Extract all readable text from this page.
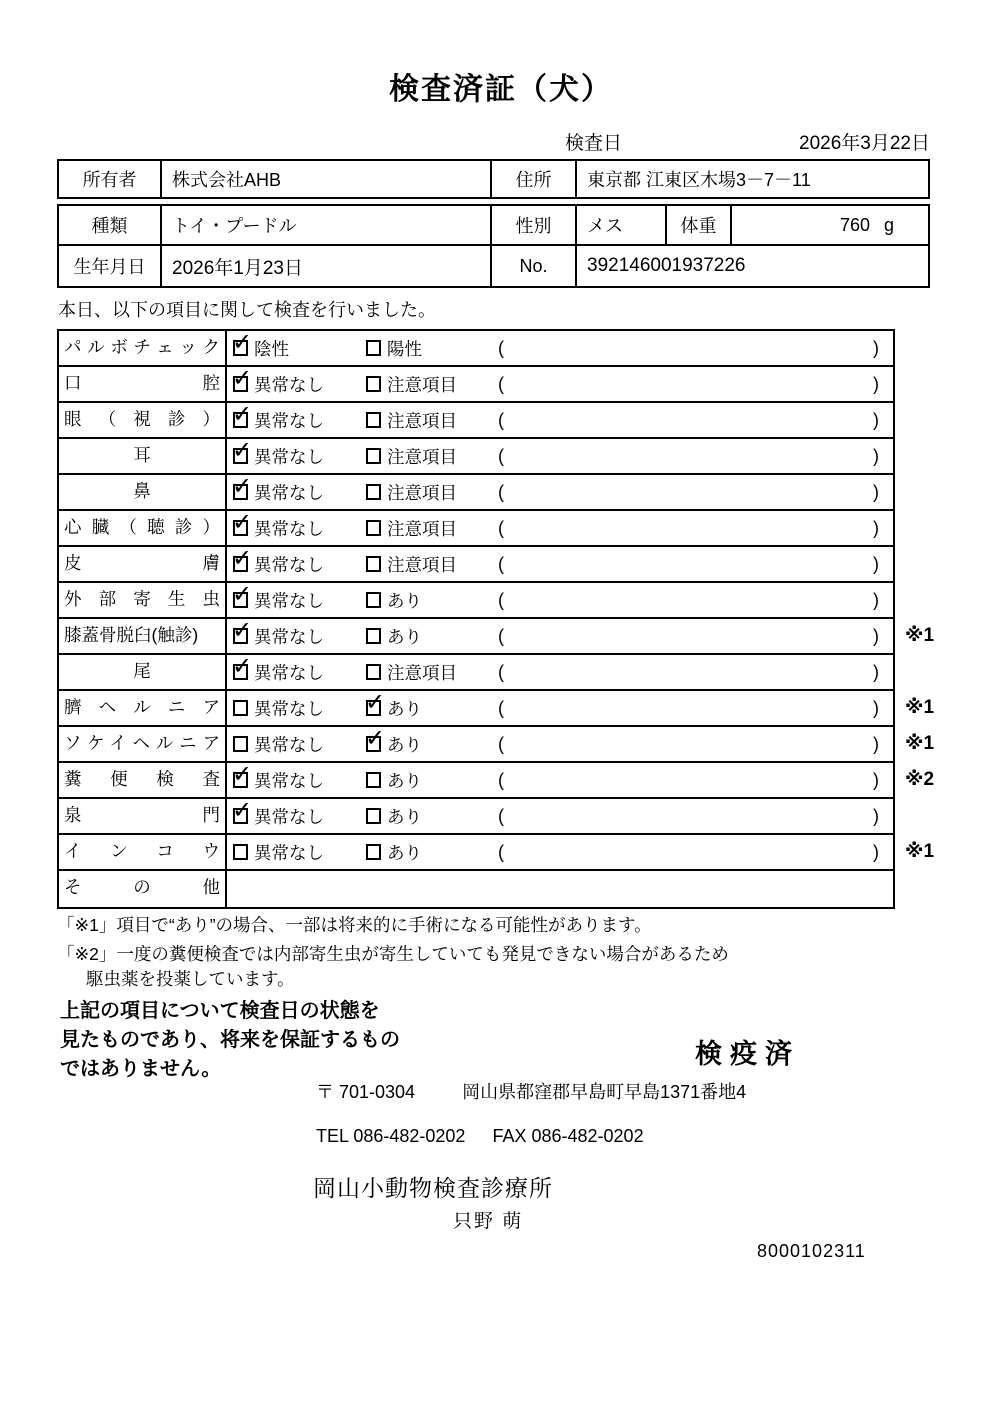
検査済証（犬）
検査日	2026年3月22日
所有者	株式会社AHB	住所	東京都 江東区木場3－7－11
種類	トイ・プードル	性別	メス	体重	760 g
生年月日	2026年1月23日	No.	392146001937226
本日、以下の項目に関して検査を行いました。
パルボチェック ✓	陰性	陽性	(	)
口腔 ✓	異常なし	注意項目 (	)
眼（視診） ✓	異常なし	注意項目 (	)
耳 ✓	異常なし	注意項目 (	)
鼻 ✓	異常なし	注意項目 (	)
心臓（聴診） ✓	異常なし	注意項目 (	)
皮膚 ✓	異常なし	注意項目 (	)
外部寄生虫 ✓	異常なし	あり	(	)
膝蓋骨脱臼(触診) ✓	異常なし	あり	(	) ※1
尾 ✓	異常なし	注意項目 (	)
臍ヘルニア	異常なし ✓	あり	(	) ※1
ソケイヘルニア	異常なし ✓	あり	(	) ※1
糞便検査 ✓	異常なし	あり	(	) ※2
泉門 ✓	異常なし	あり	(	)
インコウ	異常なし	あり	(	) ※1
その他
「※1」項目で“あり”の場合、一部は将来的に手術になる可能性があります。
「※2」一度の糞便検査では内部寄生虫が寄生していても発見できない場合があるため
駆虫薬を投薬しています。
上記の項目について検査日の状態を
見たものであり、将来を保証するもの
ではありません。	検疫済
〒 701-0304	岡山県都窪郡早島町早島1371番地4
TEL 086-482-0202 FAX 086-482-0202
岡山小動物検査診療所
只野 萌
8000102311
